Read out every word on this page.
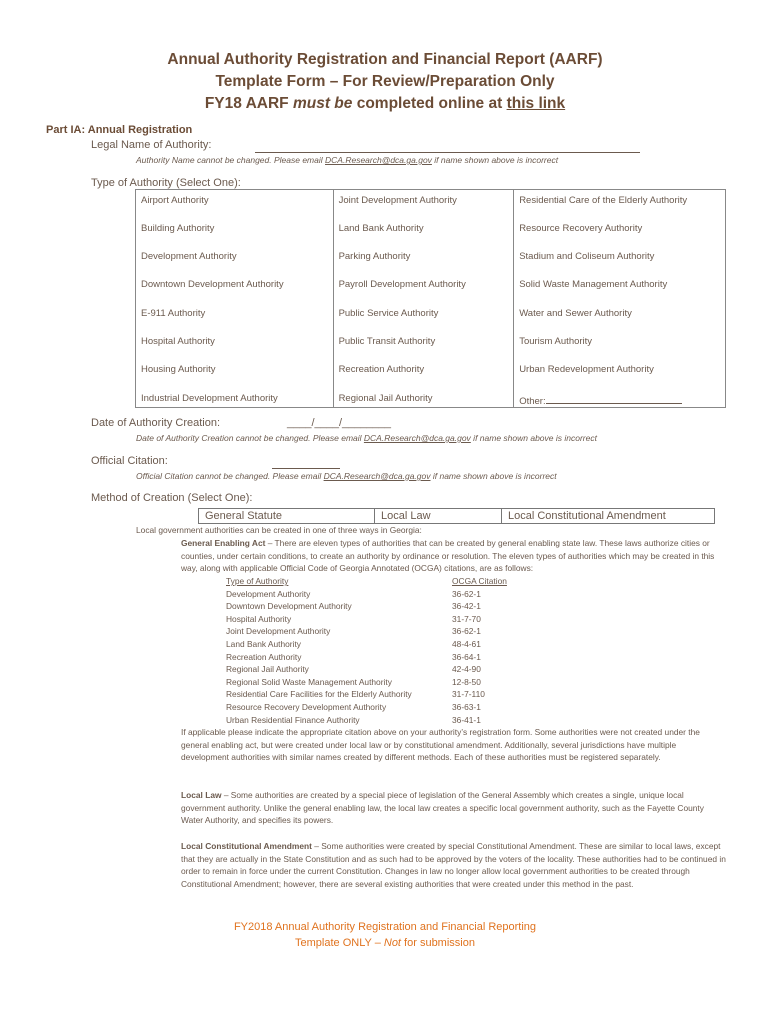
Annual Authority Registration and Financial Report (AARF)
Template Form – For Review/Preparation Only
FY18 AARF must be completed online at this link
Part IA: Annual Registration
Legal Name of Authority:
Authority Name cannot be changed. Please email DCA.Research@dca.ga.gov if name shown above is incorrect
Type of Authority (Select One):
Airport Authority	Joint Development Authority	Residential Care of the Elderly Authority
Building Authority	Land Bank Authority	Resource Recovery Authority
Development Authority	Parking Authority	Stadium and Coliseum Authority
Downtown Development Authority	Payroll Development Authority	Solid Waste Management Authority
E-911 Authority	Public Service Authority	Water and Sewer Authority
Hospital Authority	Public Transit Authority	Tourism Authority
Housing Authority	Recreation Authority	Urban Redevelopment Authority
Industrial Development Authority	Regional Jail Authority	Other:
Date of Authority Creation:	____/____/________
Date of Authority Creation cannot be changed. Please email DCA.Research@dca.ga.gov if name shown above is incorrect
Official Citation:
Official Citation cannot be changed. Please email DCA.Research@dca.ga.gov if name shown above is incorrect
Method of Creation (Select One):
General Statute	Local Law	Local Constitutional Amendment
Local government authorities can be created in one of three ways in Georgia:
General Enabling Act – There are eleven types of authorities that can be created by general enabling state law. These laws authorize cities or counties, under certain conditions, to create an authority by ordinance or resolution. The eleven types of authorities which may be created in this way, along with applicable Official Code of Georgia Annotated (OCGA) citations, are as follows:
Type of Authority	OCGA Citation
Development Authority	36-62-1
Downtown Development Authority	36-42-1
Hospital Authority	31-7-70
Joint Development Authority	36-62-1
Land Bank Authority	48-4-61
Recreation Authority	36-64-1
Regional Jail Authority	42-4-90
Regional Solid Waste Management Authority	12-8-50
Residential Care Facilities for the Elderly Authority	31-7-110
Resource Recovery Development Authority	36-63-1
Urban Residential Finance Authority	36-41-1
If applicable please indicate the appropriate citation above on your authority’s registration form. Some authorities were not created under the general enabling act, but were created under local law or by constitutional amendment. Additionally, several jurisdictions have multiple development authorities with similar names created by different methods. Each of these authorities must be registered separately.
Local Law – Some authorities are created by a special piece of legislation of the General Assembly which creates a single, unique local government authority. Unlike the general enabling law, the local law creates a specific local government authority, such as the Fayette County Water Authority, and specifies its powers.
Local Constitutional Amendment – Some authorities were created by special Constitutional Amendment. These are similar to local laws, except that they are actually in the State Constitution and as such had to be approved by the voters of the locality. These authorities had to be continued in order to remain in force under the current Constitution. Changes in law no longer allow local government authorities to be created through Constitutional Amendment; however, there are several existing authorities that were created under this method in the past.
FY2018 Annual Authority Registration and Financial Reporting
Template ONLY – Not for submission
